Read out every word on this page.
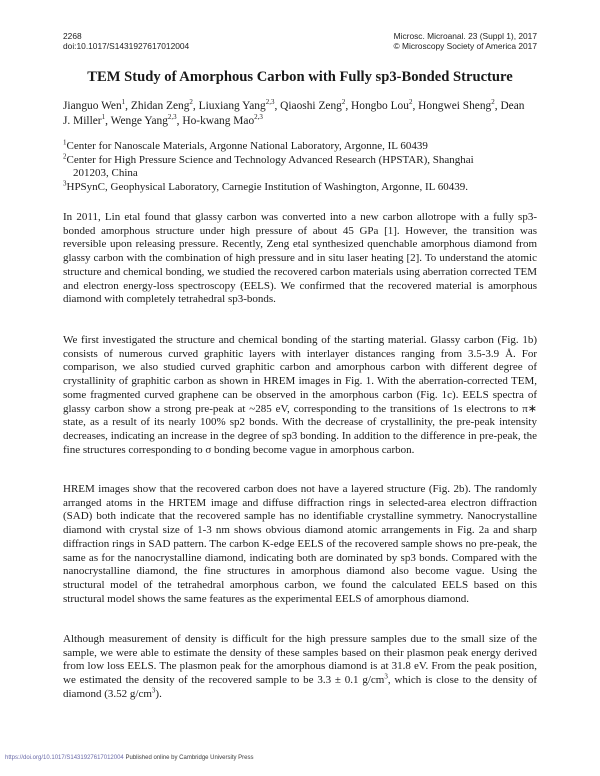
2268
doi:10.1017/S1431927617012004
Microsc. Microanal. 23 (Suppl 1), 2017
© Microscopy Society of America 2017
TEM Study of Amorphous Carbon with Fully sp3-Bonded Structure
Jianguo Wen$^1$, Zhidan Zeng$^2$, Liuxiang Yang$^{2,3}$, Qiaoshi Zeng$^2$, Hongbo Lou$^2$, Hongwei Sheng$^2$, Dean J. Miller$^1$, Wenge Yang$^{2,3}$, Ho-kwang Mao$^{2,3}$
$^1$Center for Nanoscale Materials, Argonne National Laboratory, Argonne, IL 60439
$^2$Center for High Pressure Science and Technology Advanced Research (HPSTAR), Shanghai
201203, China
$^3$HPSynC, Geophysical Laboratory, Carnegie Institution of Washington, Argonne, IL 60439.

In 2011, Lin etal found that glassy carbon was converted into a new carbon allotrope with a fully sp3-bonded amorphous structure under high pressure of about 45 GPa [1]. However, the transition was reversible upon releasing pressure. Recently, Zeng etal synthesized quenchable amorphous diamond from glassy carbon with the combination of high pressure and in situ laser heating [2]. To understand the atomic structure and chemical bonding, we studied the recovered carbon materials using aberration corrected TEM and electron energy-loss spectroscopy (EELS). We confirmed that the recovered material is amorphous diamond with completely tetrahedral sp3-bonds.

We first investigated the structure and chemical bonding of the starting material. Glassy carbon (Fig. 1b) consists of numerous curved graphitic layers with interlayer distances ranging from 3.5-3.9 Å. For comparison, we also studied curved graphitic carbon and amorphous carbon with different degree of crystallinity of graphitic carbon as shown in HREM images in Fig. 1. With the aberration-corrected TEM, some fragmented curved graphene can be observed in the amorphous carbon (Fig. 1c). EELS spectra of glassy carbon show a strong pre-peak at ~285 eV, corresponding to the transitions of 1s electrons to π∗ state, as a result of its nearly 100% sp2 bonds. With the decrease of crystallinity, the pre-peak intensity decreases, indicating an increase in the degree of sp3 bonding. In addition to the difference in pre-peak, the fine structures corresponding to σ bonding become vague in amorphous carbon.

HREM images show that the recovered carbon does not have a layered structure (Fig. 2b). The randomly arranged atoms in the HRTEM image and diffuse diffraction rings in selected-area electron diffraction (SAD) both indicate that the recovered sample has no identifiable crystalline symmetry. Nanocrystalline diamond with crystal size of 1-3 nm shows obvious diamond atomic arrangements in Fig. 2a and sharp diffraction rings in SAD pattern. The carbon K-edge EELS of the recovered sample shows no pre-peak, the same as for the nanocrystalline diamond, indicating both are dominated by sp3 bonds. Compared with the nanocrystalline diamond, the fine structures in amorphous diamond also become vague. Using the structural model of the tetrahedral amorphous carbon, we found the calculated EELS based on this structural model shows the same features as the experimental EELS of amorphous diamond.

Although measurement of density is difficult for the high pressure samples due to the small size of the sample, we were able to estimate the density of these samples based on their plasmon peak energy derived from low loss EELS. The plasmon peak for the amorphous diamond is at 31.8 eV. From the peak position, we estimated the density of the recovered sample to be 3.3 ± 0.1 $g/cm^3$, which is close to the density of diamond (3.52 $g/cm^3$).

https://doi.org/10.1017/S1431927617012004 Published online by Cambridge University Press
